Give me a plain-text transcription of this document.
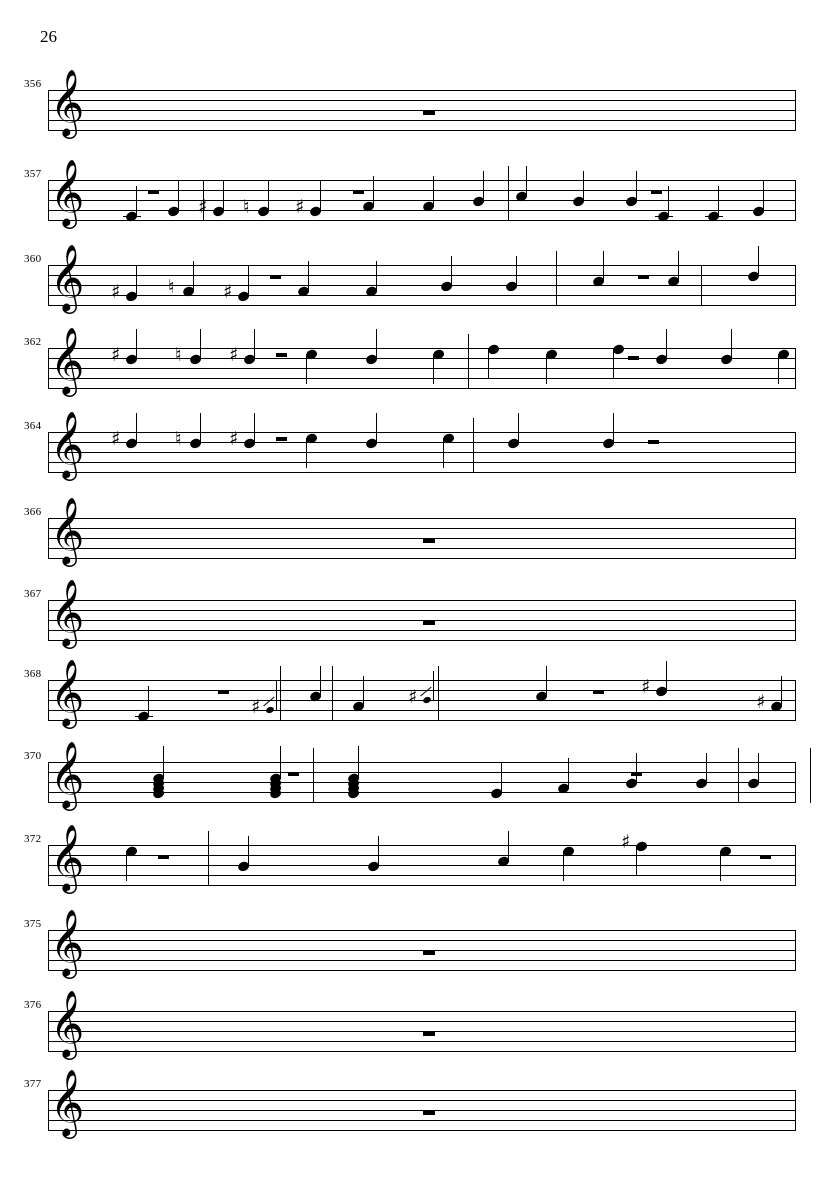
26
356 𝄞
357 𝄞	♯ ♮ ♯
360 𝄞 ♯	♮	♯
362 𝄞 ♯	♮ ♯
364 𝄞 ♯	♮ ♯
366 𝄞
367 𝄞
368 𝄞	♯	♯	♯
♯
370 𝄞
372 𝄞	♯
375 𝄞
376 𝄞
377 𝄞
